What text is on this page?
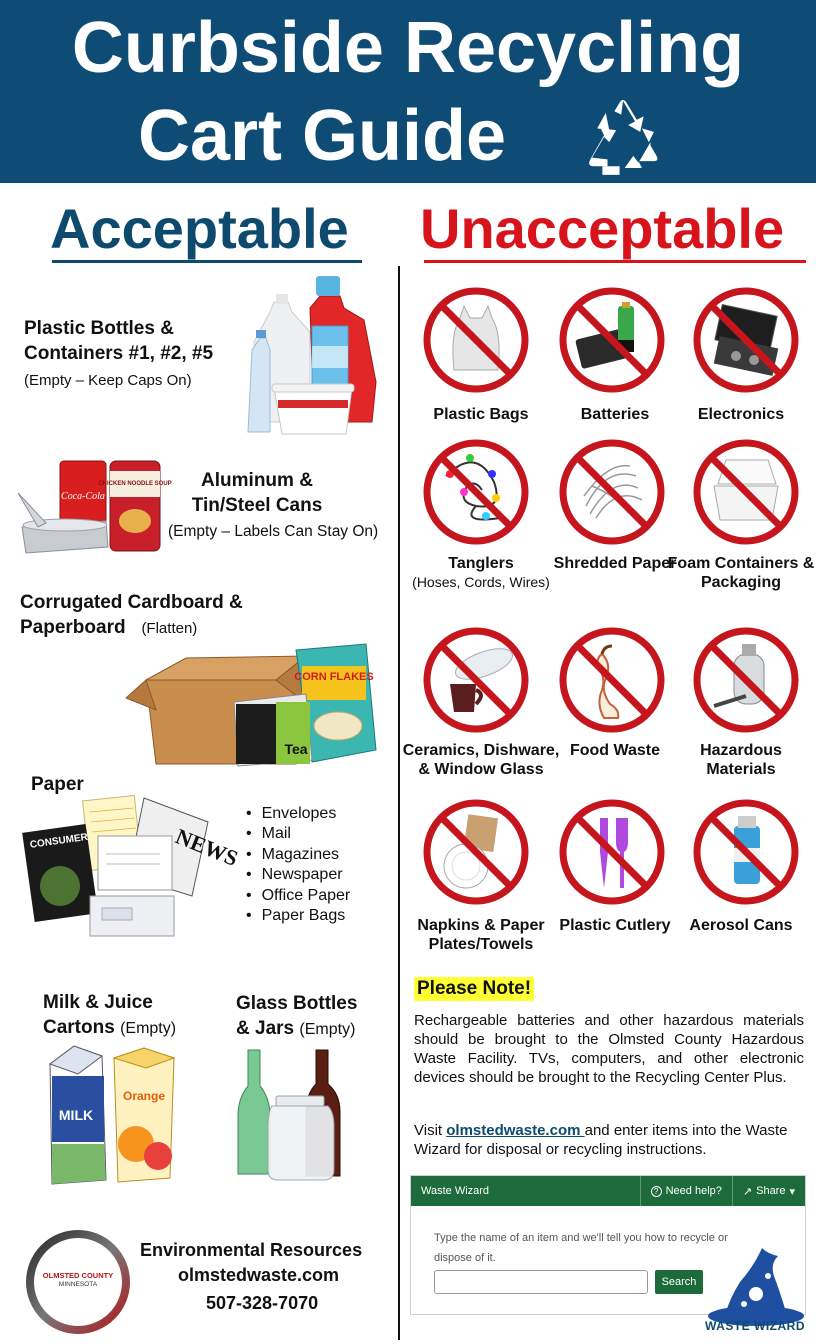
Curbside Recycling
Cart Guide
Acceptable Unacceptable
Plastic Bottles &
Containers #1, #2, #5
(Empty – Keep Caps On)
Coca-Cola
CHICKEN NOODLE SOUP	Aluminum &
Tin/Steel Cans
(Empty – Labels Can Stay On)
Corrugated Cardboard &
Paperboard (Flatten)
CORN FLAKES
Tea
Paper
NEWS
CONSUMER
• Envelopes
• Mail
• Magazines
• Newspaper
• Office Paper
• Paper Bags
Milk & Juice
Cartons (Empty)
MILK
Orange
Glass Bottles
& Jars (Empty)
Plastic Bags	Batteries	Electronics
Tanglers
(Hoses, Cords, Wires)
Shredded Paper
Foam Containers & Packaging
Ceramics, Dishware, & Window Glass
Food Waste	Hazardous Materials
Napkins & Paper Plates/Towels
Plastic Cutlery	Aerosol Cans
Please Note!
Rechargeable batteries and other hazardous materials should be brought to the Olmsted County Hazardous Waste Facility. TVs, computers, and other electronic devices should be brought to the Recycling Center Plus.
Visit olmstedwaste.com and enter items into the Waste Wizard for disposal or recycling instructions.
Waste Wizard	? Need help? ↗ Share ▾
Type the name of an item and we'll tell you how to recycle or dispose of it.
Search
WASTE WIZARD
OLMSTED COUNTY
MINNESOTA
Environmental Resources
olmstedwaste.com
507-328-7070
